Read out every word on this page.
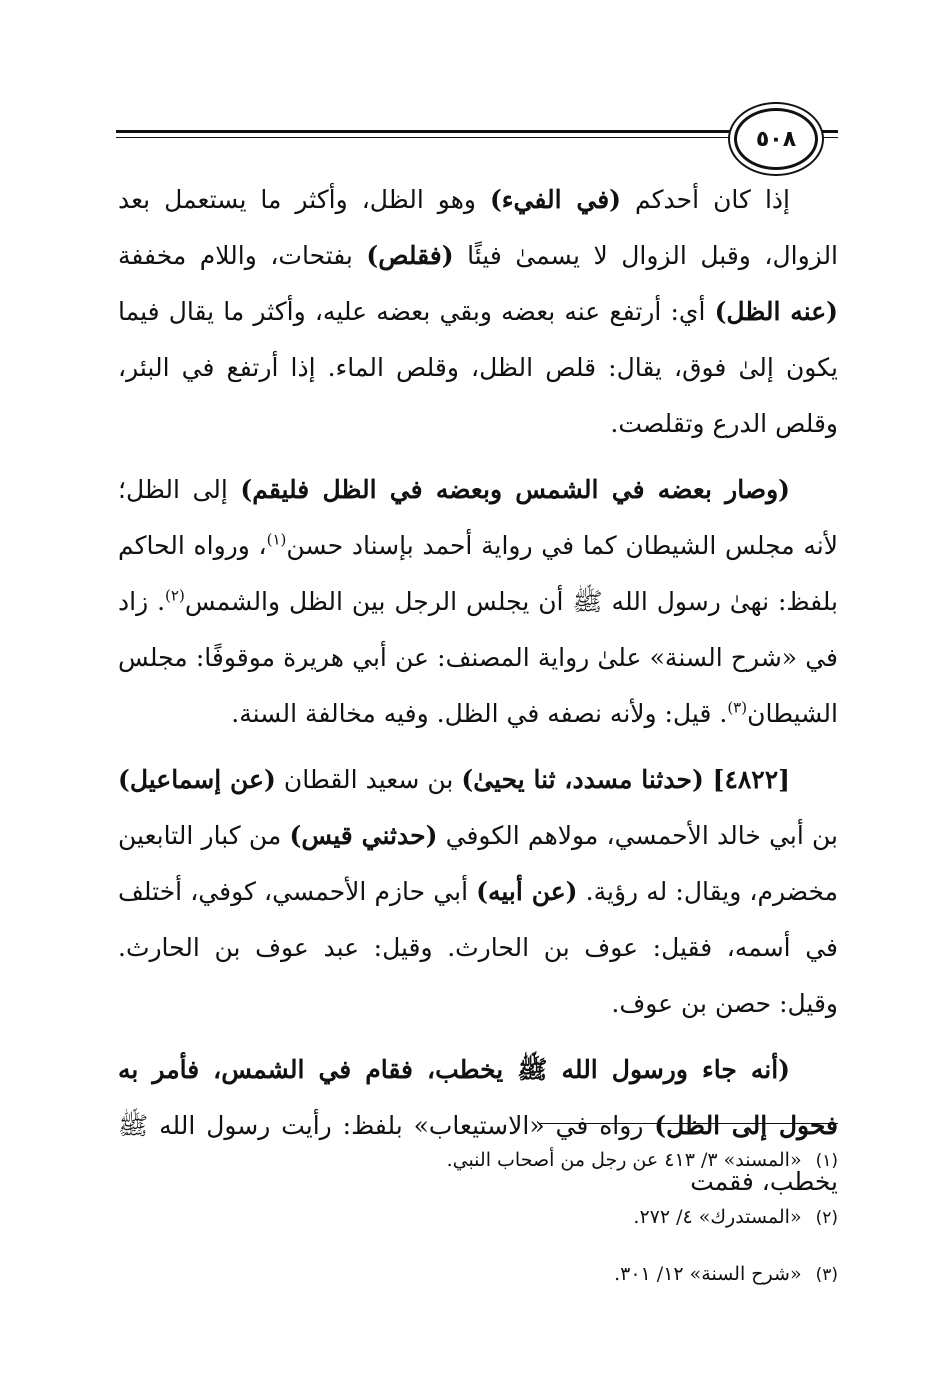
٥٠٨

إذا كان أحدكم (في الفيء) وهو الظل، وأكثر ما يستعمل بعد الزوال، وقبل الزوال لا يسمىٰ فيئًا (فقلص) بفتحات، واللام مخففة (عنه الظل) أي: أرتفع عنه بعضه وبقي بعضه عليه، وأكثر ما يقال فيما يكون إلىٰ فوق، يقال: قلص الظل، وقلص الماء. إذا أرتفع في البئر، وقلص الدرع وتقلصت.

(وصار بعضه في الشمس وبعضه في الظل فليقم) إلى الظل؛ لأنه مجلس الشيطان كما في رواية أحمد بإسناد حسن$^{(١)}$، ورواه الحاكم بلفظ: نهىٰ رسول الله ﷺ أن يجلس الرجل بين الظل والشمس$^{(٢)}$. زاد في «شرح السنة» علىٰ رواية المصنف: عن أبي هريرة موقوفًا: مجلس الشيطان$^{(٣)}$. قيل: ولأنه نصفه في الظل. وفيه مخالفة السنة.

[٤٨٢٢] (حدثنا مسدد، ثنا يحيىٰ) بن سعيد القطان (عن إسماعيل) بن أبي خالد الأحمسي، مولاهم الكوفي (حدثني قيس) من كبار التابعين مخضرم، ويقال: له رؤية. (عن أبيه) أبي حازم الأحمسي، كوفي، أختلف في أسمه، فقيل: عوف بن الحارث. وقيل: عبد عوف بن الحارث. وقيل: حصن بن عوف.

(أنه جاء ورسول الله ﷺ يخطب، فقام في الشمس، فأمر به فحول إلى الظل) رواه في «الاستيعاب» بلفظ: رأيت رسول الله ﷺ يخطب، فقمت

(١)«المسند» ٣/ ٤١٣ عن رجل من أصحاب النبي.

(٢)«المستدرك» ٤/ ٢٧٢.

(٣)«شرح السنة» ١٢/ ٣٠١.
